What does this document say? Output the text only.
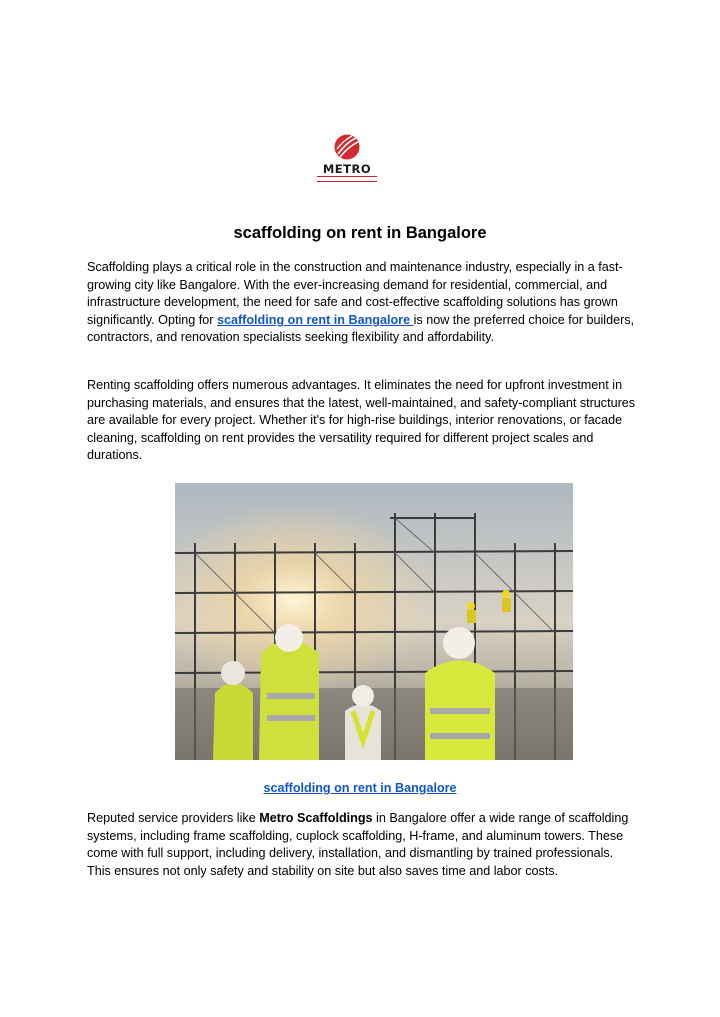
METRO
scaffolding on rent in Bangalore

Scaffolding plays a critical role in the construction and maintenance industry, especially in a fast-growing city like Bangalore. With the ever-increasing demand for residential, commercial, and infrastructure development, the need for safe and cost-effective scaffolding solutions has grown significantly. Opting for scaffolding on rent in Bangalore is now the preferred choice for builders, contractors, and renovation specialists seeking flexibility and affordability.

Renting scaffolding offers numerous advantages. It eliminates the need for upfront investment in purchasing materials, and ensures that the latest, well-maintained, and safety-compliant structures are available for every project. Whether it's for high-rise buildings, interior renovations, or facade cleaning, scaffolding on rent provides the versatility required for different project scales and durations.

scaffolding on rent in Bangalore

Reputed service providers like Metro Scaffoldings in Bangalore offer a wide range of scaffolding systems, including frame scaffolding, cuplock scaffolding, H-frame, and aluminum towers. These come with full support, including delivery, installation, and dismantling by trained professionals. This ensures not only safety and stability on site but also saves time and labor costs.
